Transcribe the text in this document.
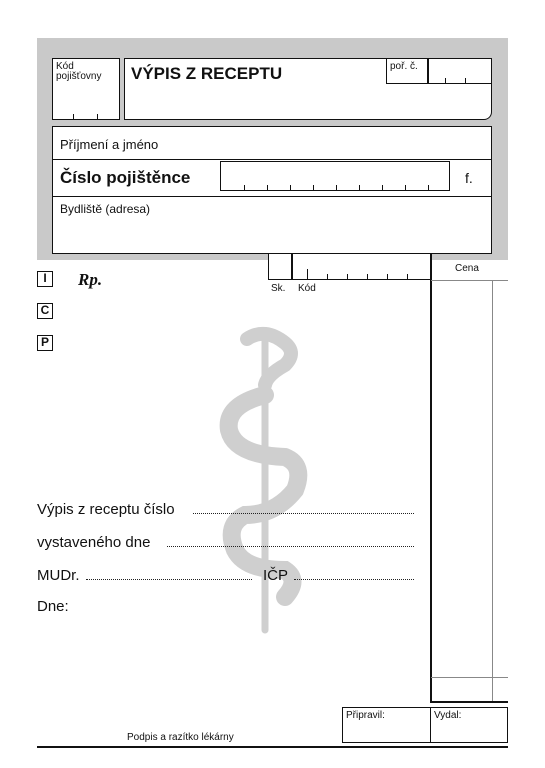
Kód pojišťovny	VÝPIS Z RECEPTU	poř. č.
Příjmení a jméno
Číslo pojištěnce	f.
Bydliště (adresa)
I
C
P
Rp.	Sk. Kód
Cena
Výpis z receptu číslo
vystaveného dne
MUDr.	IČP
Dne:
Připravil:	Vydal:
Podpis a razítko lékárny
